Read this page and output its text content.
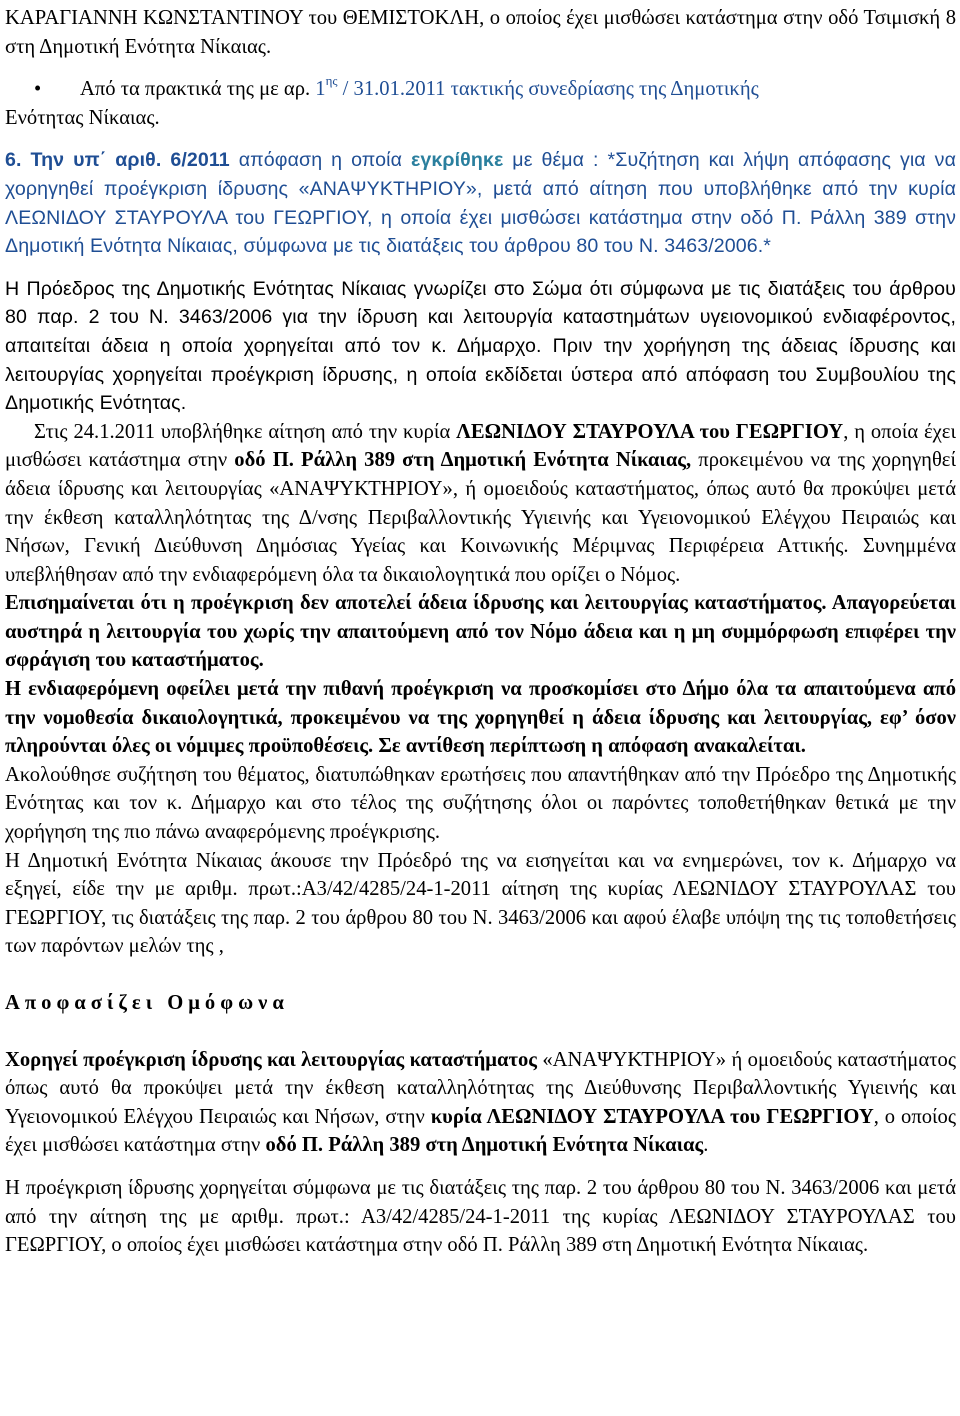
ΚΑΡΑΓΙΑΝΝΗ ΚΩΝΣΤΑΝΤΙΝΟΥ του ΘΕΜΙΣΤΟΚΛΗ, ο οποίος έχει μισθώσει κατάστημα στην οδό Τσιμισκή 8 στη Δημοτική Ενότητα Νίκαιας.

• Από τα πρακτικά της με αρ. $1^{\eta\varsigma} / 31.01.2011$ τακτικής συνεδρίασης της Δημοτικής

Ενότητας Νίκαιας.

6. Την υπ΄ αριθ. 6/2011 απόφαση η οποία εγκρίθηκε με θέμα : *Συζήτηση και λήψη απόφασης για να χορηγηθεί προέγκριση ίδρυσης «ΑΝΑΨΥΚΤΗΡΙΟΥ», μετά από αίτηση που υποβλήθηκε από την κυρία ΛΕΩΝΙΔΟΥ ΣΤΑΥΡΟΥΛΑ του ΓΕΩΡΓΙΟΥ, η οποία έχει μισθώσει κατάστημα στην οδό Π. Ράλλη 389 στην Δημοτική Ενότητα Νίκαιας, σύμφωνα με τις διατάξεις του άρθρου 80 του Ν. 3463/2006.*

Η Πρόεδρος της Δημοτικής Ενότητας Νίκαιας γνωρίζει στο Σώμα ότι σύμφωνα με τις διατάξεις του άρθρου 80 παρ. 2 του Ν. 3463/2006 για την ίδρυση και λειτουργία καταστημάτων υγειονομικού ενδιαφέροντος, απαιτείται άδεια η οποία χορηγείται από τον κ. Δήμαρχο. Πριν την χορήγηση της άδειας ίδρυσης και λειτουργίας χορηγείται προέγκριση ίδρυσης, η οποία εκδίδεται ύστερα από απόφαση του Συμβουλίου της Δημοτικής Ενότητας.

Στις 24.1.2011 υποβλήθηκε αίτηση από την κυρία ΛΕΩΝΙΔΟΥ ΣΤΑΥΡΟΥΛΑ του ΓΕΩΡΓΙΟΥ, η οποία έχει μισθώσει κατάστημα στην οδό Π. Ράλλη 389 στη Δημοτική Ενότητα Νίκαιας, προκειμένου να της χορηγηθεί άδεια ίδρυσης και λειτουργίας «ΑΝΑΨΥΚΤΗΡΙΟΥ», ή ομοειδούς καταστήματος, όπως αυτό θα προκύψει μετά την έκθεση καταλληλότητας της Δ/νσης Περιβαλλοντικής Υγιεινής και Υγειονομικού Ελέγχου Πειραιώς και Νήσων, Γενική Διεύθυνση Δημόσιας Υγείας και Κοινωνικής Μέριμνας Περιφέρεια Αττικής. Συνημμένα υπεβλήθησαν από την ενδιαφερόμενη όλα τα δικαιολογητικά που ορίζει ο Νόμος.

Επισημαίνεται ότι η προέγκριση δεν αποτελεί άδεια ίδρυσης και λειτουργίας καταστήματος. Απαγορεύεται αυστηρά η λειτουργία του χωρίς την απαιτούμενη από τον Νόμο άδεια και η μη συμμόρφωση επιφέρει την σφράγιση του καταστήματος.

Η ενδιαφερόμενη οφείλει μετά την πιθανή προέγκριση να προσκομίσει στο Δήμο όλα τα απαιτούμενα από την νομοθεσία δικαιολογητικά, προκειμένου να της χορηγηθεί η άδεια ίδρυσης και λειτουργίας, εφ’ όσον πληρούνται όλες οι νόμιμες προϋποθέσεις. Σε αντίθεση περίπτωση η απόφαση ανακαλείται.

Ακολούθησε συζήτηση του θέματος, διατυπώθηκαν ερωτήσεις που απαντήθηκαν από την Πρόεδρο της Δημοτικής Ενότητας και τον κ. Δήμαρχο και στο τέλος της συζήτησης όλοι οι παρόντες τοποθετήθηκαν θετικά με την χορήγηση της πιο πάνω αναφερόμενης προέγκρισης.

Η Δημοτική Ενότητα Νίκαιας άκουσε την Πρόεδρό της να εισηγείται και να ενημερώνει, τον κ. Δήμαρχο να εξηγεί, είδε την με αριθμ. πρωτ.:Α3/42/4285/24-1-2011 αίτηση της κυρίας ΛΕΩΝΙΔΟΥ ΣΤΑΥΡΟΥΛΑΣ του ΓΕΩΡΓΙΟΥ, τις διατάξεις της παρ. 2 του άρθρου 80 του Ν. 3463/2006 και αφού έλαβε υπόψη της τις τοποθετήσεις των παρόντων μελών της ,

Αποφασίζει Ομόφωνα

Χορηγεί προέγκριση ίδρυσης και λειτουργίας καταστήματος «ΑΝΑΨΥΚΤΗΡΙΟΥ» ή ομοειδούς καταστήματος όπως αυτό θα προκύψει μετά την έκθεση καταλληλότητας της Διεύθυνσης Περιβαλλοντικής Υγιεινής και Υγειονομικού Ελέγχου Πειραιώς και Νήσων, στην κυρία ΛΕΩΝΙΔΟΥ ΣΤΑΥΡΟΥΛΑ του ΓΕΩΡΓΙΟΥ, ο οποίος έχει μισθώσει κατάστημα στην οδό Π. Ράλλη 389 στη Δημοτική Ενότητα Νίκαιας.

Η προέγκριση ίδρυσης χορηγείται σύμφωνα με τις διατάξεις της παρ. 2 του άρθρου 80 του Ν. 3463/2006 και μετά από την αίτηση της με αριθμ. πρωτ.: Α3/42/4285/24-1-2011 της κυρίας ΛΕΩΝΙΔΟΥ ΣΤΑΥΡΟΥΛΑΣ του ΓΕΩΡΓΙΟΥ, ο οποίος έχει μισθώσει κατάστημα στην οδό Π. Ράλλη 389 στη Δημοτική Ενότητα Νίκαιας.
